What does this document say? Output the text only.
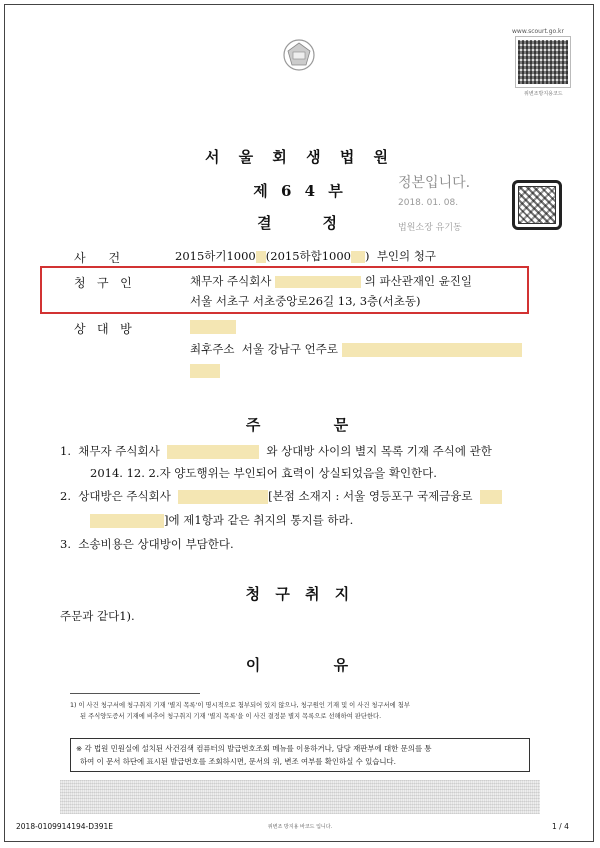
www.scourt.go.kr
위변조방지용코드
서 울 회 생 법 원
제 6 4 부
결    정
정본입니다.
2018. 01. 08.
법원소장 유기동
사      건	2015하기1000 (2015하합1000 )  부인의 청구
청   구   인	채무자 주식회사	의 파산관재인 윤진일
서울 서초구 서초중앙로26길 13, 3층(서초동)
상   대   방
최후주소  서울 강남구 언주로
주      문
1.  채무자 주식회사	와 상대방 사이의 별지 목록 기재 주식에 관한
2014. 12. 2.자 양도행위는 부인되어 효력이 상실되었음을 확인한다.
2.  상대방은 주식회사	[본점 소재지 : 서울 영등포구 국제금융로
]에 제1항과 같은 취지의 통지를 하라.
3.  소송비용은 상대방이 부담한다.
청 구 취 지
주문과 같다1).
이      유
1) 이 사건 청구서에 청구취지 기재 '별지 목록'이 명시적으로 첨부되어 있지 않으나, 청구원인 기재 및 이 사건 청구서에 첨부
된 주식양도증서 기재에 비추어 청구취지 기재 '별지 목록'을 이 사건 결정문 별지 목록으로 선해하여 판단한다.
※ 각 법원 민원실에 설치된 사건검색 컴퓨터의 발급번호조회 메뉴를 이용하거나, 담당 재판부에 대한 문의를 통
하여 이 문서 하단에 표시된 발급번호를 조회하시면, 문서의 위, 변조 여부를 확인하실 수 있습니다.
2018-0109914194-D391E	위변조 방지용 바코드 입니다.	1 / 4
